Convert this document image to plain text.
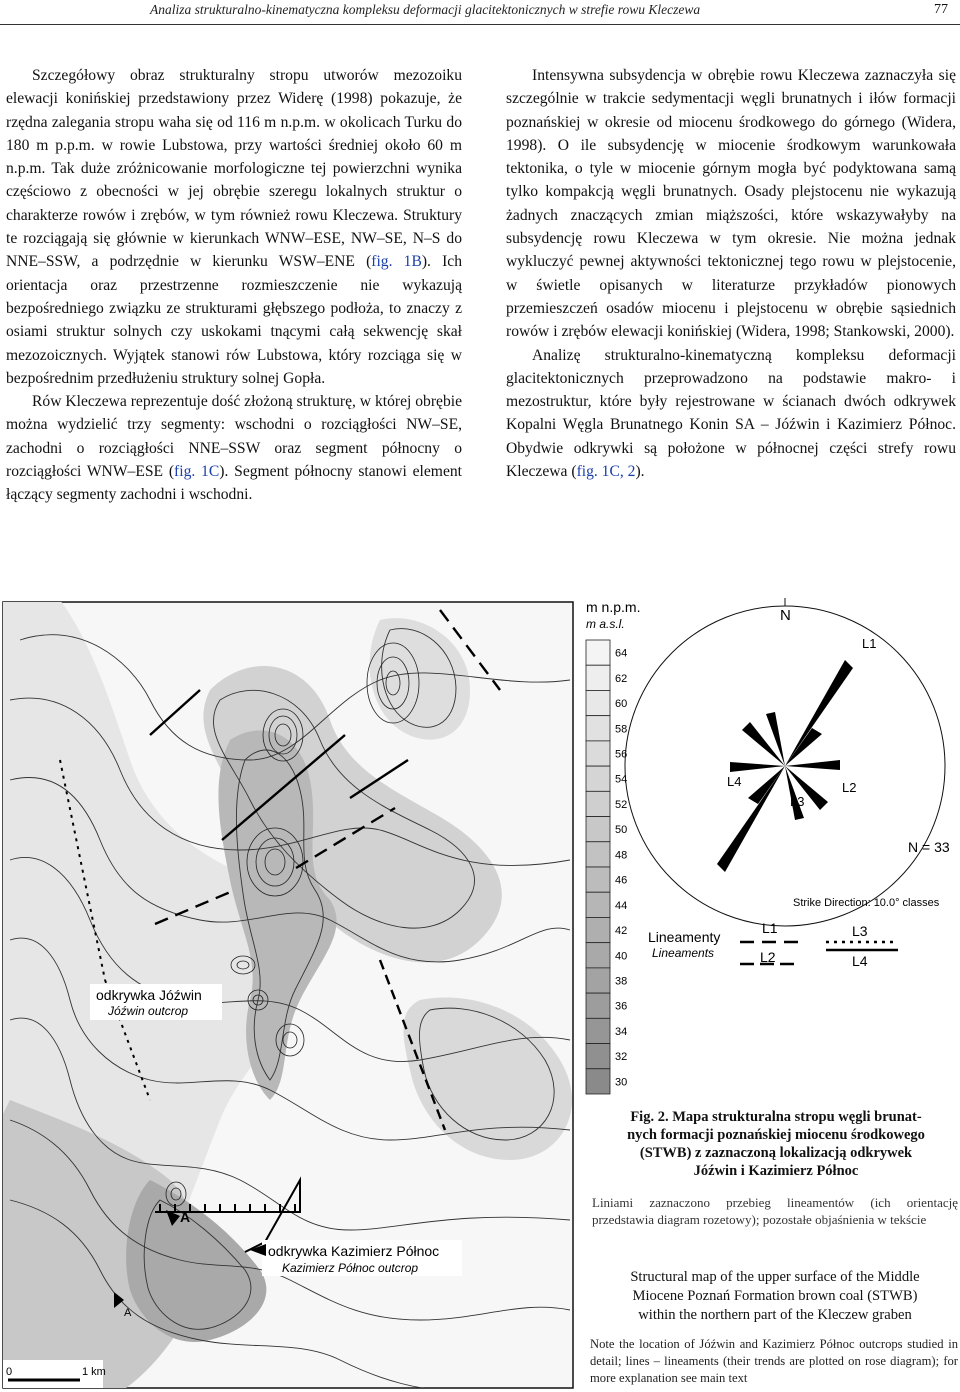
Analiza strukturalno-kinematyczna kompleksu deformacji glacitektonicznych w strefie rowu Kleczewa	77

Szczegółowy obraz strukturalny stropu utworów mezozoiku elewacji konińskiej przedstawiony przez Widerę (1998) pokazuje, że rzędna zalegania stropu waha się od 116 m n.p.m. w okolicach Turku do 180 m p.p.m. w rowie Lubstowa, przy wartości średniej około 60 m n.p.m. Tak duże zróżnicowanie morfologiczne tej powierzchni wynika częściowo z obecności w jej obrębie szeregu lokalnych struktur o charakterze rowów i zrębów, w tym również rowu Kleczewa. Struktury te rozciągają się głównie w kierunkach WNW–ESE, NW–SE, N–S do NNE–SSW, a podrzędnie w kierunku WSW–ENE (fig. 1B). Ich orientacja oraz przestrzenne rozmieszczenie nie wykazują bezpośredniego związku ze strukturami głębszego podłoża, to znaczy z osiami struktur solnych czy uskokami tnącymi całą sekwencję skał mezozoicznych. Wyjątek stanowi rów Lubstowa, który rozciąga się w bezpośrednim przedłużeniu struktury solnej Gopła.

Rów Kleczewa reprezentuje dość złożoną strukturę, w której obrębie można wydzielić trzy segmenty: wschodni o rozciągłości NW–SE, zachodni o rozciągłości NNE–SSW oraz segment północny o rozciągłości WNW–ESE (fig. 1C). Segment północny stanowi element łączący segmenty zachodni i wschodni.

Intensywna subsydencja w obrębie rowu Kleczewa zaznaczyła się szczególnie w trakcie sedymentacji węgli brunatnych i iłów formacji poznańskiej w okresie od miocenu środkowego do górnego (Widera, 1998). O ile subsydencję w miocenie środkowym warunkowała tektonika, o tyle w miocenie górnym mogła być podyktowana samą tylko kompakcją węgli brunatnych. Osady plejstocenu nie wykazują żadnych znaczących zmian miąższości, które wskazywałyby na subsydencję rowu Kleczewa w tym okresie. Nie można jednak wykluczyć pewnej aktywności tektonicznej tego rowu w plejstocenie, w świetle opisanych w literaturze przykładów pionowych przemieszczeń osadów miocenu i plejstocenu w obrębie sąsiednich rowów i zrębów elewacji konińskiej (Widera, 1998; Stankowski, 2000).

Analizę strukturalno-kinematyczną kompleksu deformacji glacitektonicznych przeprowadzono na podstawie makro- i mezostruktur, które były rejestrowane w ścianach dwóch odkrywek Kopalni Węgla Brunatnego Konin SA – Jóźwin i Kazimierz Północ. Obydwie odkrywki są położone w północnej części strefy rowu Kleczewa (fig. 1C, 2).

odkrywka Jóźwin
Jóźwin outcrop
odkrywka Kazimierz Północ
Kazimierz Północ outcrop
A
A
0	1 km
m n.p.m.
m a.s.l.
64
62
60
58
56
54
52
50
48
46
44
42
40
38
36
34
32
30
N
L1
L2
L3
L4
N = 33
Strike Direction: 10.0° classes
Lineamenty
Lineaments
L1
L2
L3
L4
Fig. 2. Mapa strukturalna stropu węgli brunat-
nych formacji poznańskiej miocenu środkowego
(STWB) z zaznaczoną lokalizacją odkrywek
Jóźwin i Kazimierz Północ
Liniami zaznaczono przebieg lineamentów (ich orientację przedstawia diagram rozetowy); pozostałe objaśnienia w tekście
Structural map of the upper surface of the Middle
Miocene Poznań Formation brown coal (STWB)
within the northern part of the Kleczew graben
Note the location of Jóźwin and Kazimierz Północ outcrops studied in detail; lines – lineaments (their trends are plotted on rose diagram); for more explanation see main text
